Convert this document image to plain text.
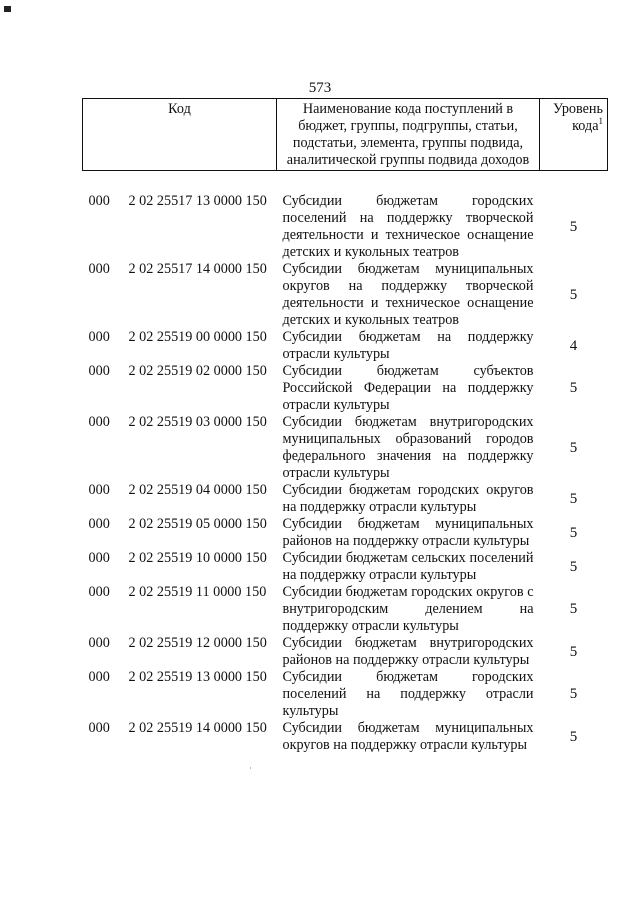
573
Код	Наименование кода поступлений в бюджет, группы, подгруппы, статьи, подстатьи, элемента, группы подвида, аналитической группы подвида доходов	Уровень кода$^1$

000 2 02 25517 13 0000 150	Субсидии бюджетам городских поселений на поддержку творческой деятельности и техническое оснащение детских и кукольных театров	5
000 2 02 25517 14 0000 150	Субсидии бюджетам муниципальных округов на поддержку творческой деятельности и техническое оснащение детских и кукольных театров	5
000 2 02 25519 00 0000 150	Субсидии бюджетам на поддержку отрасли культуры	4
000 2 02 25519 02 0000 150	Субсидии бюджетам субъектов Российской Федерации на поддержку отрасли культуры	5
000 2 02 25519 03 0000 150	Субсидии бюджетам внутригородских муниципальных образований городов федерального значения на поддержку отрасли культуры	5
000 2 02 25519 04 0000 150	Субсидии бюджетам городских округов на поддержку отрасли культуры	5
000 2 02 25519 05 0000 150	Субсидии бюджетам муниципальных районов на поддержку отрасли культуры	5
000 2 02 25519 10 0000 150	Субсидии бюджетам сельских поселений на поддержку отрасли культуры	5
000 2 02 25519 11 0000 150	Субсидии бюджетам городских округов с внутригородским делением на поддержку отрасли культуры	5
000 2 02 25519 12 0000 150	Субсидии бюджетам внутригородских районов на поддержку отрасли культуры	5
000 2 02 25519 13 0000 150	Субсидии бюджетам городских поселений на поддержку отрасли культуры	5
000 2 02 25519 14 0000 150	Субсидии бюджетам муниципальных округов на поддержку отрасли культуры	5
